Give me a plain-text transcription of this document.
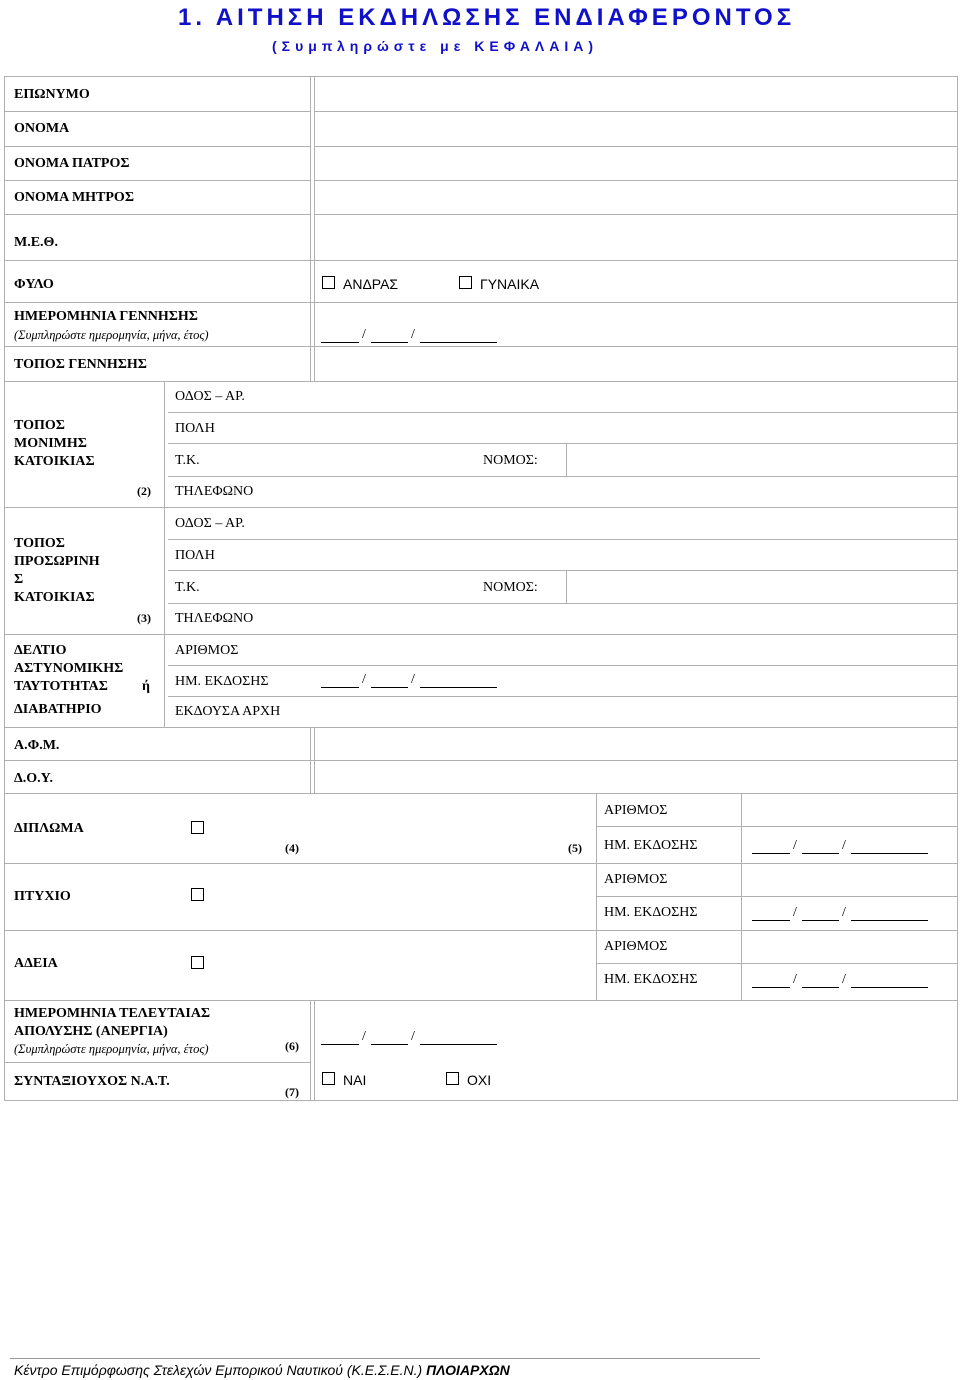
1. ΑΙΤΗΣΗ ΕΚΔΗΛΩΣΗΣ ΕΝΔΙΑΦΕΡΟΝΤΟΣ
(Συμπληρώστε με ΚΕΦΑΛΑΙΑ)
ΕΠΩΝΥΜΟ
ΟΝΟΜΑ
ΟΝΟΜΑ ΠΑΤΡΟΣ
ΟΝΟΜΑ ΜΗΤΡΟΣ
Μ.Ε.Θ.
ΦΥΛΟ	ΑΝΔΡΑΣ	ΓΥΝΑΙΚΑ
ΗΜΕΡΟΜΗΝΙΑ ΓΕΝΝΗΣΗΣ
(Συμπληρώστε ημερομηνία, μήνα, έτος)	/	/
ΤΟΠΟΣ ΓΕΝΝΗΣΗΣ
ΤΟΠΟΣ
ΜΟΝΙΜΗΣ
ΚΑΤΟΙΚΙΑΣ
(2)
ΟΔΟΣ – ΑΡ.
ΠΟΛΗ
Τ.Κ.	ΝΟΜΟΣ:
ΤΗΛΕΦΩΝΟ
ΤΟΠΟΣ
ΠΡΟΣΩΡΙΝΗ
Σ
ΚΑΤΟΙΚΙΑΣ
(3)
ΟΔΟΣ – ΑΡ.
ΠΟΛΗ
Τ.Κ.	ΝΟΜΟΣ:
ΤΗΛΕΦΩΝΟ
ΔΕΛΤΙΟ
ΑΣΤΥΝΟΜΙΚΗΣ
ΤΑΥΤΟΤΗΤΑΣ ή
ΔΙΑΒΑΤΗΡΙΟ
ΑΡΙΘΜΟΣ
ΗΜ. ΕΚΔΟΣΗΣ	/	/
ΕΚΔΟΥΣΑ ΑΡΧΗ
Α.Φ.Μ.
Δ.Ο.Υ.
ΔΙΠΛΩΜΑ
(4)	(5)
ΑΡΙΘΜΟΣ
ΗΜ. ΕΚΔΟΣΗΣ	/	/
ΠΤΥΧΙΟ
ΑΡΙΘΜΟΣ
ΗΜ. ΕΚΔΟΣΗΣ	/	/
ΑΔΕΙΑ
ΑΡΙΘΜΟΣ
ΗΜ. ΕΚΔΟΣΗΣ	/	/
ΗΜΕΡΟΜΗΝΙΑ ΤΕΛΕΥΤΑΙΑΣ
ΑΠΟΛΥΣΗΣ (ΑΝΕΡΓΙΑ)
(Συμπληρώστε ημερομηνία, μήνα, έτος)	(6)
/	/
ΣΥΝΤΑΞΙΟΥΧΟΣ Ν.Α.Τ.
(7)
ΝΑΙ	ΟΧΙ
Κέντρο Επιμόρφωσης Στελεχών Εμπορικού Ναυτικού (Κ.Ε.Σ.Ε.Ν.) ΠΛΟΙΑΡΧΩΝ
